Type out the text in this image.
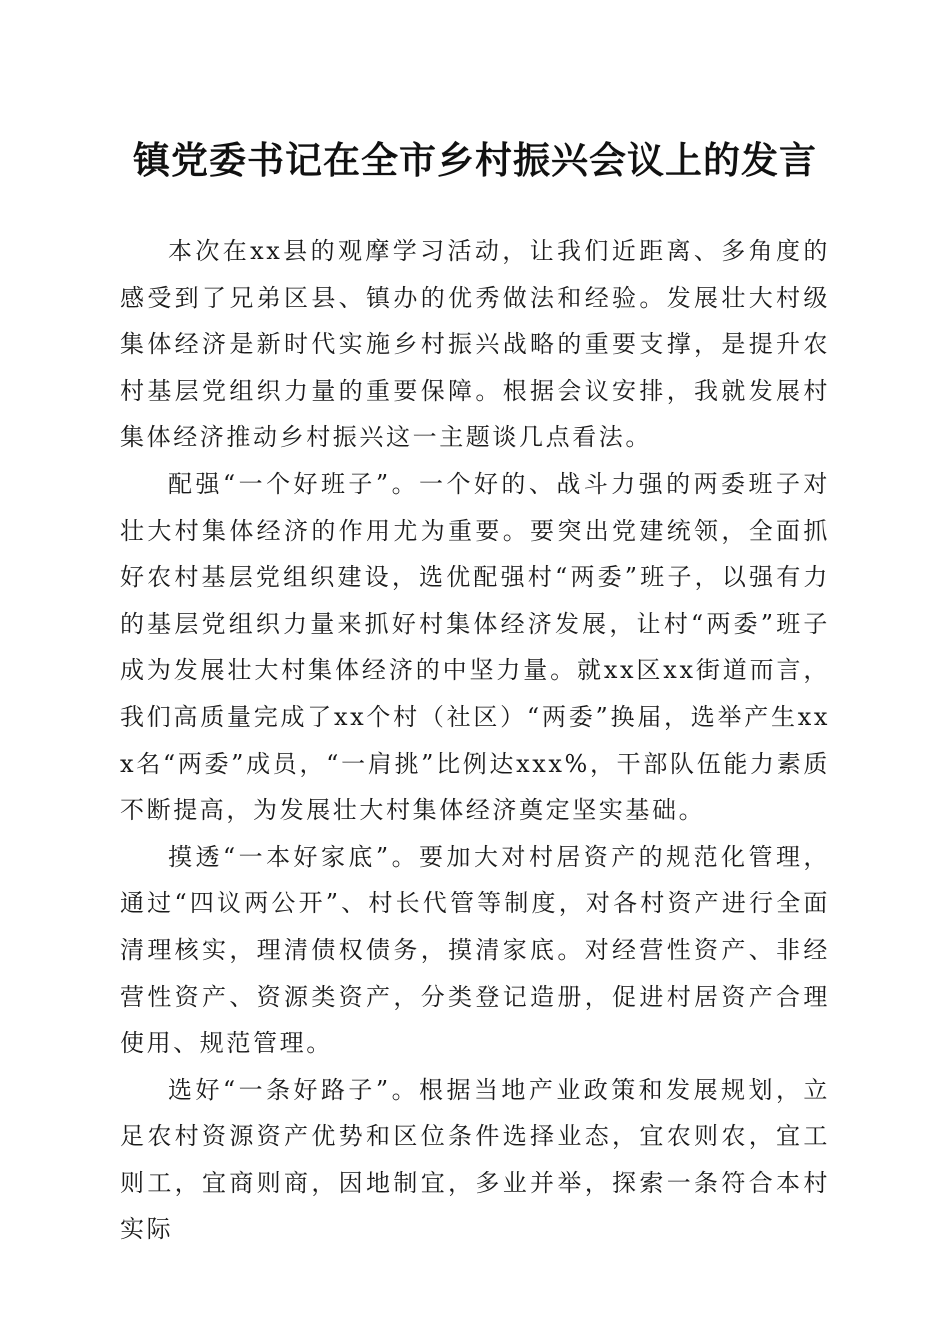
镇党委书记在全市乡村振兴会议上的发言

本次在xx县的观摩学习活动，让我们近距离、多角度的感受到了兄弟区县、镇办的优秀做法和经验。发展壮大村级集体经济是新时代实施乡村振兴战略的重要支撑，是提升农村基层党组织力量的重要保障。根据会议安排，我就发展村集体经济推动乡村振兴这一主题谈几点看法。

配强“一个好班子”。一个好的、战斗力强的两委班子对壮大村集体经济的作用尤为重要。要突出党建统领，全面抓好农村基层党组织建设，选优配强村“两委”班子，以强有力的基层党组织力量来抓好村集体经济发展，让村“两委”班子成为发展壮大村集体经济的中坚力量。就xx区xx街道而言，我们高质量完成了xx个村（社区）“两委”换届，选举产生xxx名“两委”成员，“一肩挑”比例达xxx%，干部队伍能力素质不断提高，为发展壮大村集体经济奠定坚实基础。

摸透“一本好家底”。要加大对村居资产的规范化管理，通过“四议两公开”、村长代管等制度，对各村资产进行全面清理核实，理清债权债务，摸清家底。对经营性资产、非经营性资产、资源类资产，分类登记造册，促进村居资产合理使用、规范管理。

选好“一条好路子”。根据当地产业政策和发展规划，立足农村资源资产优势和区位条件选择业态，宜农则农，宜工则工，宜商则商，因地制宜，多业并举，探索一条符合本村实际
